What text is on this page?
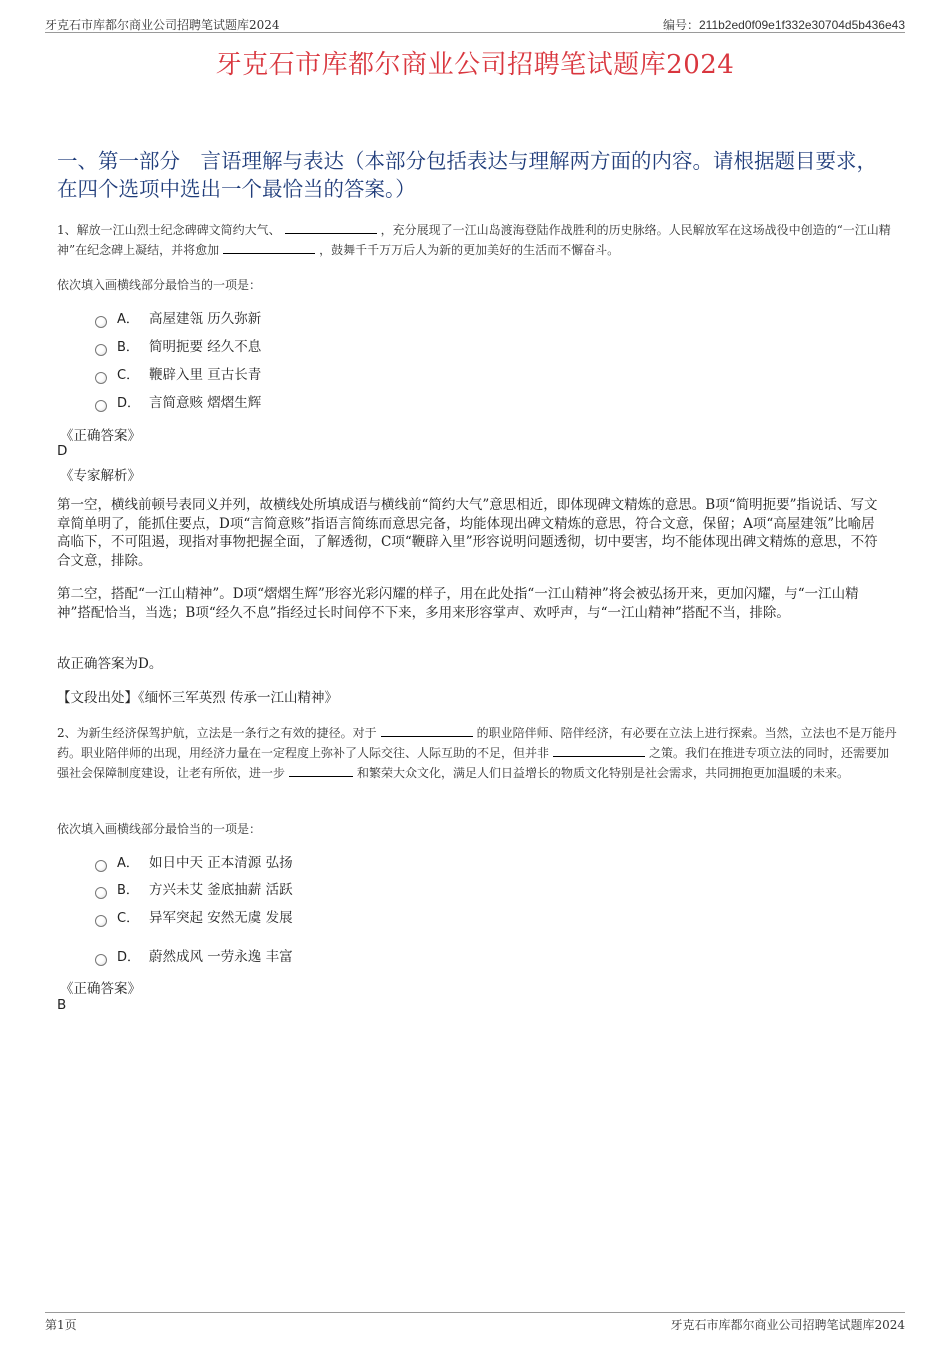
牙克石市库都尔商业公司招聘笔试题库2024	编号：211b2ed0f09e1f332e30704d5b436e43
牙克石市库都尔商业公司招聘笔试题库2024
一、第一部分　言语理解与表达（本部分包括表达与理解两方面的内容。请根据题目要求，在四个选项中选出一个最恰当的答案。）
1、解放一江山烈士纪念碑碑文简约大气、	，充分展现了一江山岛渡海登陆作战胜利的历史脉络。人民解放军在这场战役中创造的“一江山精神”在纪念碑上凝结，并将愈加	，鼓舞千千万万后人为新的更加美好的生活而不懈奋斗。
依次填入画横线部分最恰当的一项是：
A． 高屋建瓴 历久弥新
B． 简明扼要 经久不息
C． 鞭辟入里 亘古长青
D． 言简意赅 熠熠生辉
《正确答案》
D
《专家解析》
第一空，横线前顿号表同义并列，故横线处所填成语与横线前“简约大气”意思相近，即体现碑文精炼的意思。B项“简明扼要”指说话、写文章简单明了，能抓住要点，D项“言简意赅”指语言简练而意思完备，均能体现出碑文精炼的意思，符合文意，保留；A项“高屋建瓴”比喻居高临下，不可阻遏，现指对事物把握全面，了解透彻，C项“鞭辟入里”形容说明问题透彻，切中要害，均不能体现出碑文精炼的意思，不符合文意，排除。
第二空，搭配“一江山精神”。D项“熠熠生辉”形容光彩闪耀的样子，用在此处指“一江山精神”将会被弘扬开来，更加闪耀，与“一江山精神”搭配恰当，当选；B项“经久不息”指经过长时间停不下来，多用来形容掌声、欢呼声，与“一江山精神”搭配不当，排除。
故正确答案为D。
【文段出处】《缅怀三军英烈 传承一江山精神》
2、为新生经济保驾护航，立法是一条行之有效的捷径。对于	的职业陪伴师、陪伴经济，有必要在立法上进行探索。当然，立法也不是万能丹药。职业陪伴师的出现，用经济力量在一定程度上弥补了人际交往、人际互助的不足，但并非	之策。我们在推进专项立法的同时，还需要加强社会保障制度建设，让老有所依，进一步	和繁荣大众文化，满足人们日益增长的物质文化特别是社会需求，共同拥抱更加温暖的未来。
依次填入画横线部分最恰当的一项是：
A． 如日中天 正本清源 弘扬
B． 方兴未艾 釜底抽薪 活跃
C． 异军突起 安然无虞 发展
D． 蔚然成风 一劳永逸 丰富
《正确答案》
B
第1页	牙克石市库都尔商业公司招聘笔试题库2024
